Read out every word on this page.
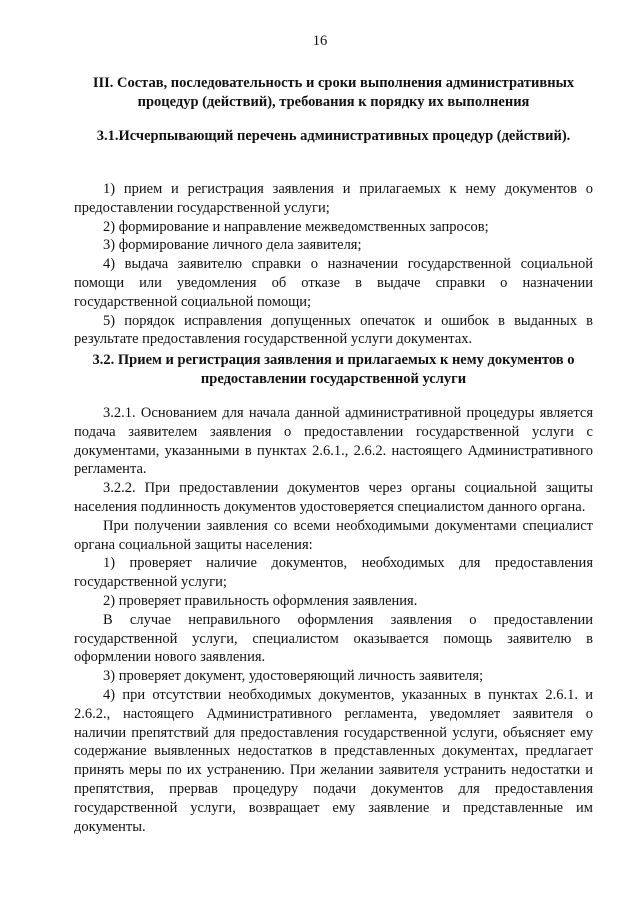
16
III. Состав, последовательность и сроки выполнения административных процедур (действий), требования к порядку их выполнения
3.1.Исчерпывающий перечень административных процедур (действий).

1) прием и регистрация заявления и прилагаемых к нему документов о предоставлении государственной услуги;

2) формирование и направление межведомственных запросов;

3) формирование личного дела заявителя;

4) выдача заявителю справки о назначении государственной социальной помощи или уведомления об отказе в выдаче справки о назначении государственной социальной помощи;

5) порядок исправления допущенных опечаток и ошибок в выданных в результате предоставления государственной услуги документах.

3.2. Прием и регистрация заявления и прилагаемых к нему документов о предоставлении государственной услуги

3.2.1. Основанием для начала данной административной процедуры является подача заявителем заявления о предоставлении государственной услуги с документами, указанными в пунктах 2.6.1., 2.6.2. настоящего Административного регламента.

3.2.2. При предоставлении документов через органы социальной защиты населения подлинность документов удостоверяется специалистом данного органа.

При получении заявления со всеми необходимыми документами специалист органа социальной защиты населения:

1) проверяет наличие документов, необходимых для предоставления государственной услуги;

2) проверяет правильность оформления заявления.

В случае неправильного оформления заявления о предоставлении государственной услуги, специалистом оказывается помощь заявителю в оформлении нового заявления.

3) проверяет документ, удостоверяющий личность заявителя;

4) при отсутствии необходимых документов, указанных в пунктах 2.6.1. и 2.6.2., настоящего Административного регламента, уведомляет заявителя о наличии препятствий для предоставления государственной услуги, объясняет ему содержание выявленных недостатков в представленных документах, предлагает принять меры по их устранению. При желании заявителя устранить недостатки и препятствия, прервав процедуру подачи документов для предоставления государственной услуги, возвращает ему заявление и представленные им документы.
